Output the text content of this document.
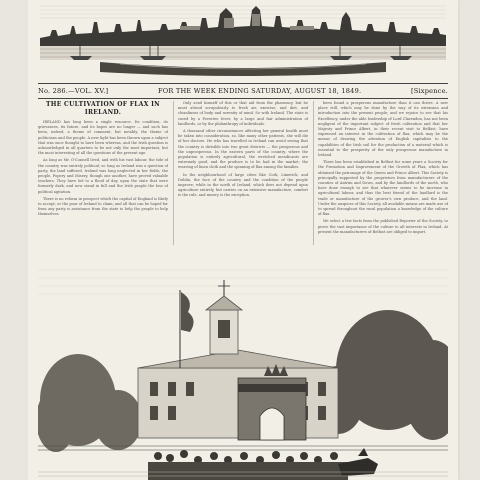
No. 286.—VOL. XV.]	FOR THE WEEK ENDING SATURDAY, AUGUST 18, 1849.	[Sixpence.
THE CULTIVATION OF FLAX IN IRELAND.

IRELAND has long been a single resource. Its condition, its grievances, its future, and its hopes are no longer — and such has been, indeed, a theme of comment, but notably, the theme of politicians and the people. A new light has been thrown upon a subject that was once thought to have been whereas, and the Irish question is acknowledged in all quarters to be not only the most important, but the most interesting of all the questions of the present age.

As long as Mr. O'Connell lived, and with his vast labour, the tide of the country was entirely political; so long as Ireland was a question of party, the land suffered. Ireland was long neglected in her fields; the people, Popery and Misery, though one another, have proved valuable teachers. They have led to a flood of day, upon the state that were formerly dark, and now stand in full and the Irish people the loss of political agitation.

There is no reform in prospect which the capital of England is likely to accept, or the poor of Ireland to claim; and all that can be hoped for from any party is assistance from the state to help the people to help themselves.

Only avail himself of this or that aid from the pharmacy, but he must attend scrupulously to fresh air, exercise, and diet, and cleanliness of body and serenity of mind. So with Ireland. The state is cured by a Povertee fever, by a large and fair administration of landlords, or by the philanthropy of individuals.

A thousand other circumstances affecting her general health must be taken into consideration, so, like many other patients, she will die of her doctors. He who has travelled in Ireland can avoid seeing that the country is divisible into two great districts — the prosperous and the unprosperous. In the eastern parts of the country, where the population is entirely agricultural, the wretched mendicants are extremely good, and the produce is to be had in the market; the weaving of linen cloth and the spinning of flax among the families.

In the neighbourhood of large cities like Cork, Limerick, and Dublin, the face of the country and the condition of the people improve; while in the north of Ireland, which does not depend upon agriculture entirely, but carries on an extensive manufacture, comfort is the rule, and misery is the exception.

been found a prosperous manufacture than it can thrive. A new place still, which may be done by the way of its extension and introduction into the present people; and we rejoice to see that his Excellency, under the able leadership of Lord Clarendon, has not been negligent of the important subject of fresh cultivation and that her Majesty and Prince Albert, in their recent visit to Belfast, have expressed an interest in the cultivation of flax, which may be the means of drawing the attention of English capitalists to the capabilities of the Irish soil for the production of a material which is essential to the prosperity of the only prosperous manufacture in Ireland.

There has been established in Belfast for some years a Society for the Promotion and Improvement of the Growth of Flax, which has obtained the patronage of the Queen and Prince Albert. This Society is principally supported by the proprietors from manufacturers of the counties of Antrim and Down, and by the landlords of the north, who have done enough to see that whatever seems to be increase in agricultural labour, and thus the best friend of the landlord is the trade or manufacture of the grower's own produce, and the land. Under the auspices of this Society, all available means are made use of to spread throughout the rural population a knowledge of the culture of flax.

We select a few facts from the published Reporter of the Society, to prove the vast importance of the culture to all interests in Ireland. At present the manufacturers of Belfast are obliged to import.
